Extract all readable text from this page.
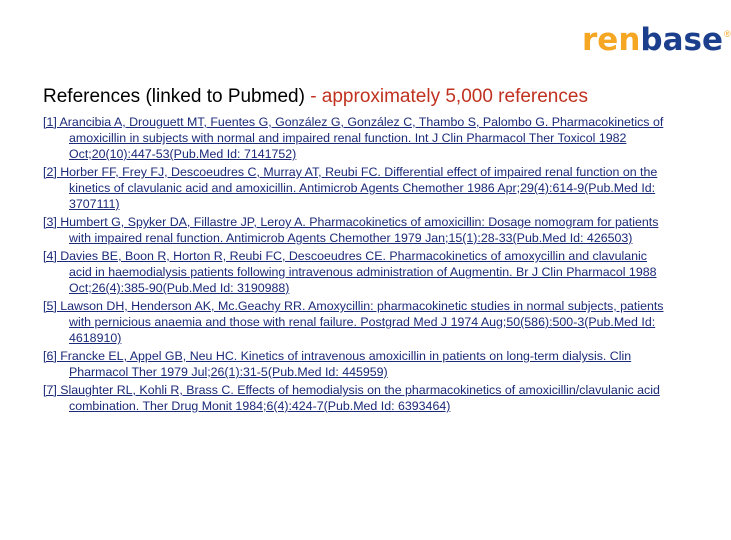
renbase ®
References (linked to Pubmed) - approximately 5,000 references
[1] Arancibia A, Drouguett MT, Fuentes G, González G, González C, Thambo S, Palombo G. Pharmacokinetics of amoxicillin in subjects with normal and impaired renal function. Int J Clin Pharmacol Ther Toxicol 1982 Oct;20(10):447-53(Pub.Med Id: 7141752)
[2] Horber FF, Frey FJ, Descoeudres C, Murray AT, Reubi FC. Differential effect of impaired renal function on the kinetics of clavulanic acid and amoxicillin. Antimicrob Agents Chemother 1986 Apr;29(4):614-9(Pub.Med Id: 3707111)
[3] Humbert G, Spyker DA, Fillastre JP, Leroy A. Pharmacokinetics of amoxicillin: Dosage nomogram for patients with impaired renal function. Antimicrob Agents Chemother 1979 Jan;15(1):28-33(Pub.Med Id: 426503)
[4] Davies BE, Boon R, Horton R, Reubi FC, Descoeudres CE. Pharmacokinetics of amoxycillin and clavulanic acid in haemodialysis patients following intravenous administration of Augmentin. Br J Clin Pharmacol 1988 Oct;26(4):385-90(Pub.Med Id: 3190988)
[5] Lawson DH, Henderson AK, Mc.Geachy RR. Amoxycillin: pharmacokinetic studies in normal subjects, patients with pernicious anaemia and those with renal failure. Postgrad Med J 1974 Aug;50(586):500-3(Pub.Med Id: 4618910)
[6] Francke EL, Appel GB, Neu HC. Kinetics of intravenous amoxicillin in patients on long-term dialysis. Clin Pharmacol Ther 1979 Jul;26(1):31-5(Pub.Med Id: 445959)
[7] Slaughter RL, Kohli R, Brass C. Effects of hemodialysis on the pharmacokinetics of amoxicillin/clavulanic acid combination. Ther Drug Monit 1984;6(4):424-7(Pub.Med Id: 6393464)
